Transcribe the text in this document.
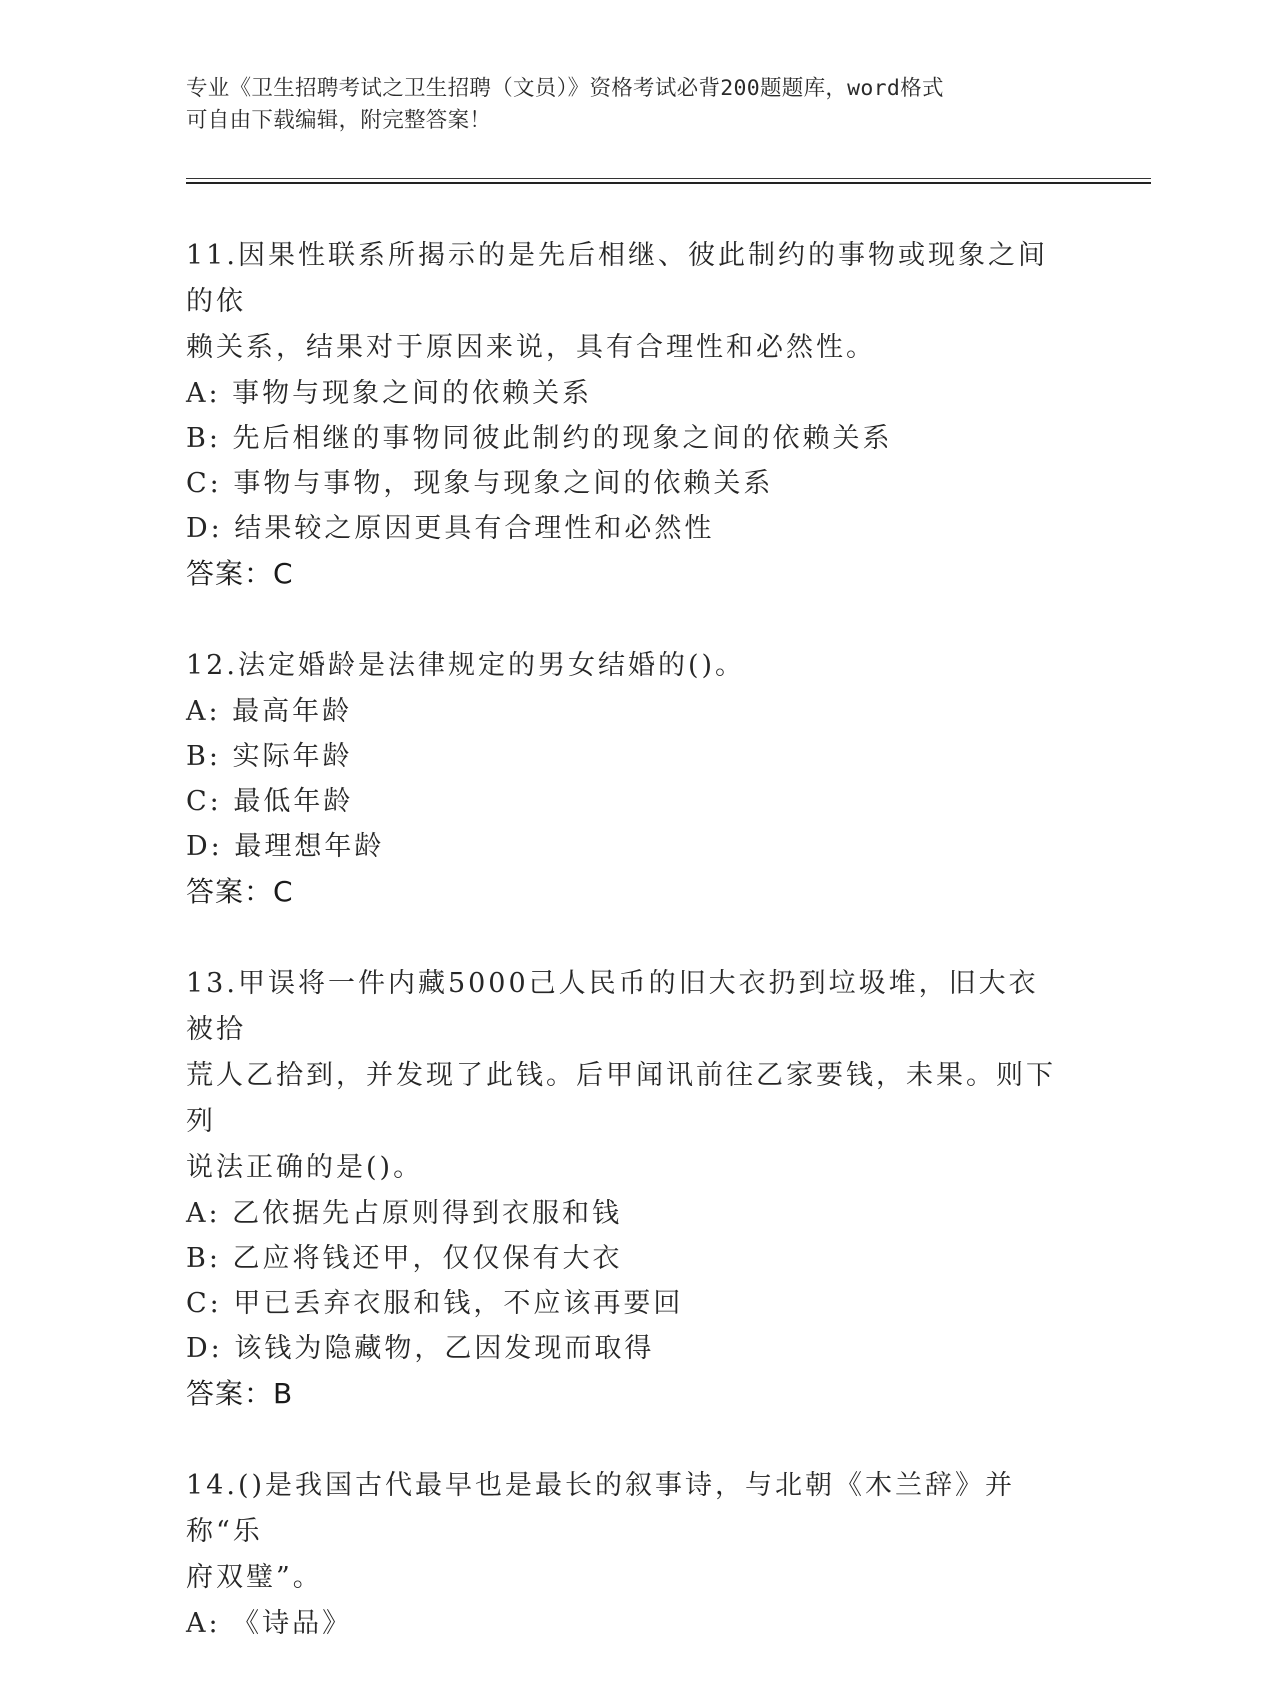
专业《卫生招聘考试之卫生招聘（文员）》资格考试必背200题题库，word格式
可自由下载编辑，附完整答案！
11.因果性联系所揭示的是先后相继、彼此制约的事物或现象之间的依
赖关系，结果对于原因来说，具有合理性和必然性。
A: 事物与现象之间的依赖关系
B: 先后相继的事物同彼此制约的现象之间的依赖关系
C: 事物与事物，现象与现象之间的依赖关系
D: 结果较之原因更具有合理性和必然性
答案：C
12.法定婚龄是法律规定的男女结婚的()。
A: 最高年龄
B: 实际年龄
C: 最低年龄
D: 最理想年龄
答案：C
13.甲误将一件内藏5000己人民币的旧大衣扔到垃圾堆，旧大衣被拾
荒人乙拾到，并发现了此钱。后甲闻讯前往乙家要钱，未果。则下列
说法正确的是()。
A: 乙依据先占原则得到衣服和钱
B: 乙应将钱还甲，仅仅保有大衣
C: 甲已丢弃衣服和钱，不应该再要回
D: 该钱为隐藏物，乙因发现而取得
答案：B
14.()是我国古代最早也是最长的叙事诗，与北朝《木兰辞》并称“乐
府双璧”。
A: 《诗品》
